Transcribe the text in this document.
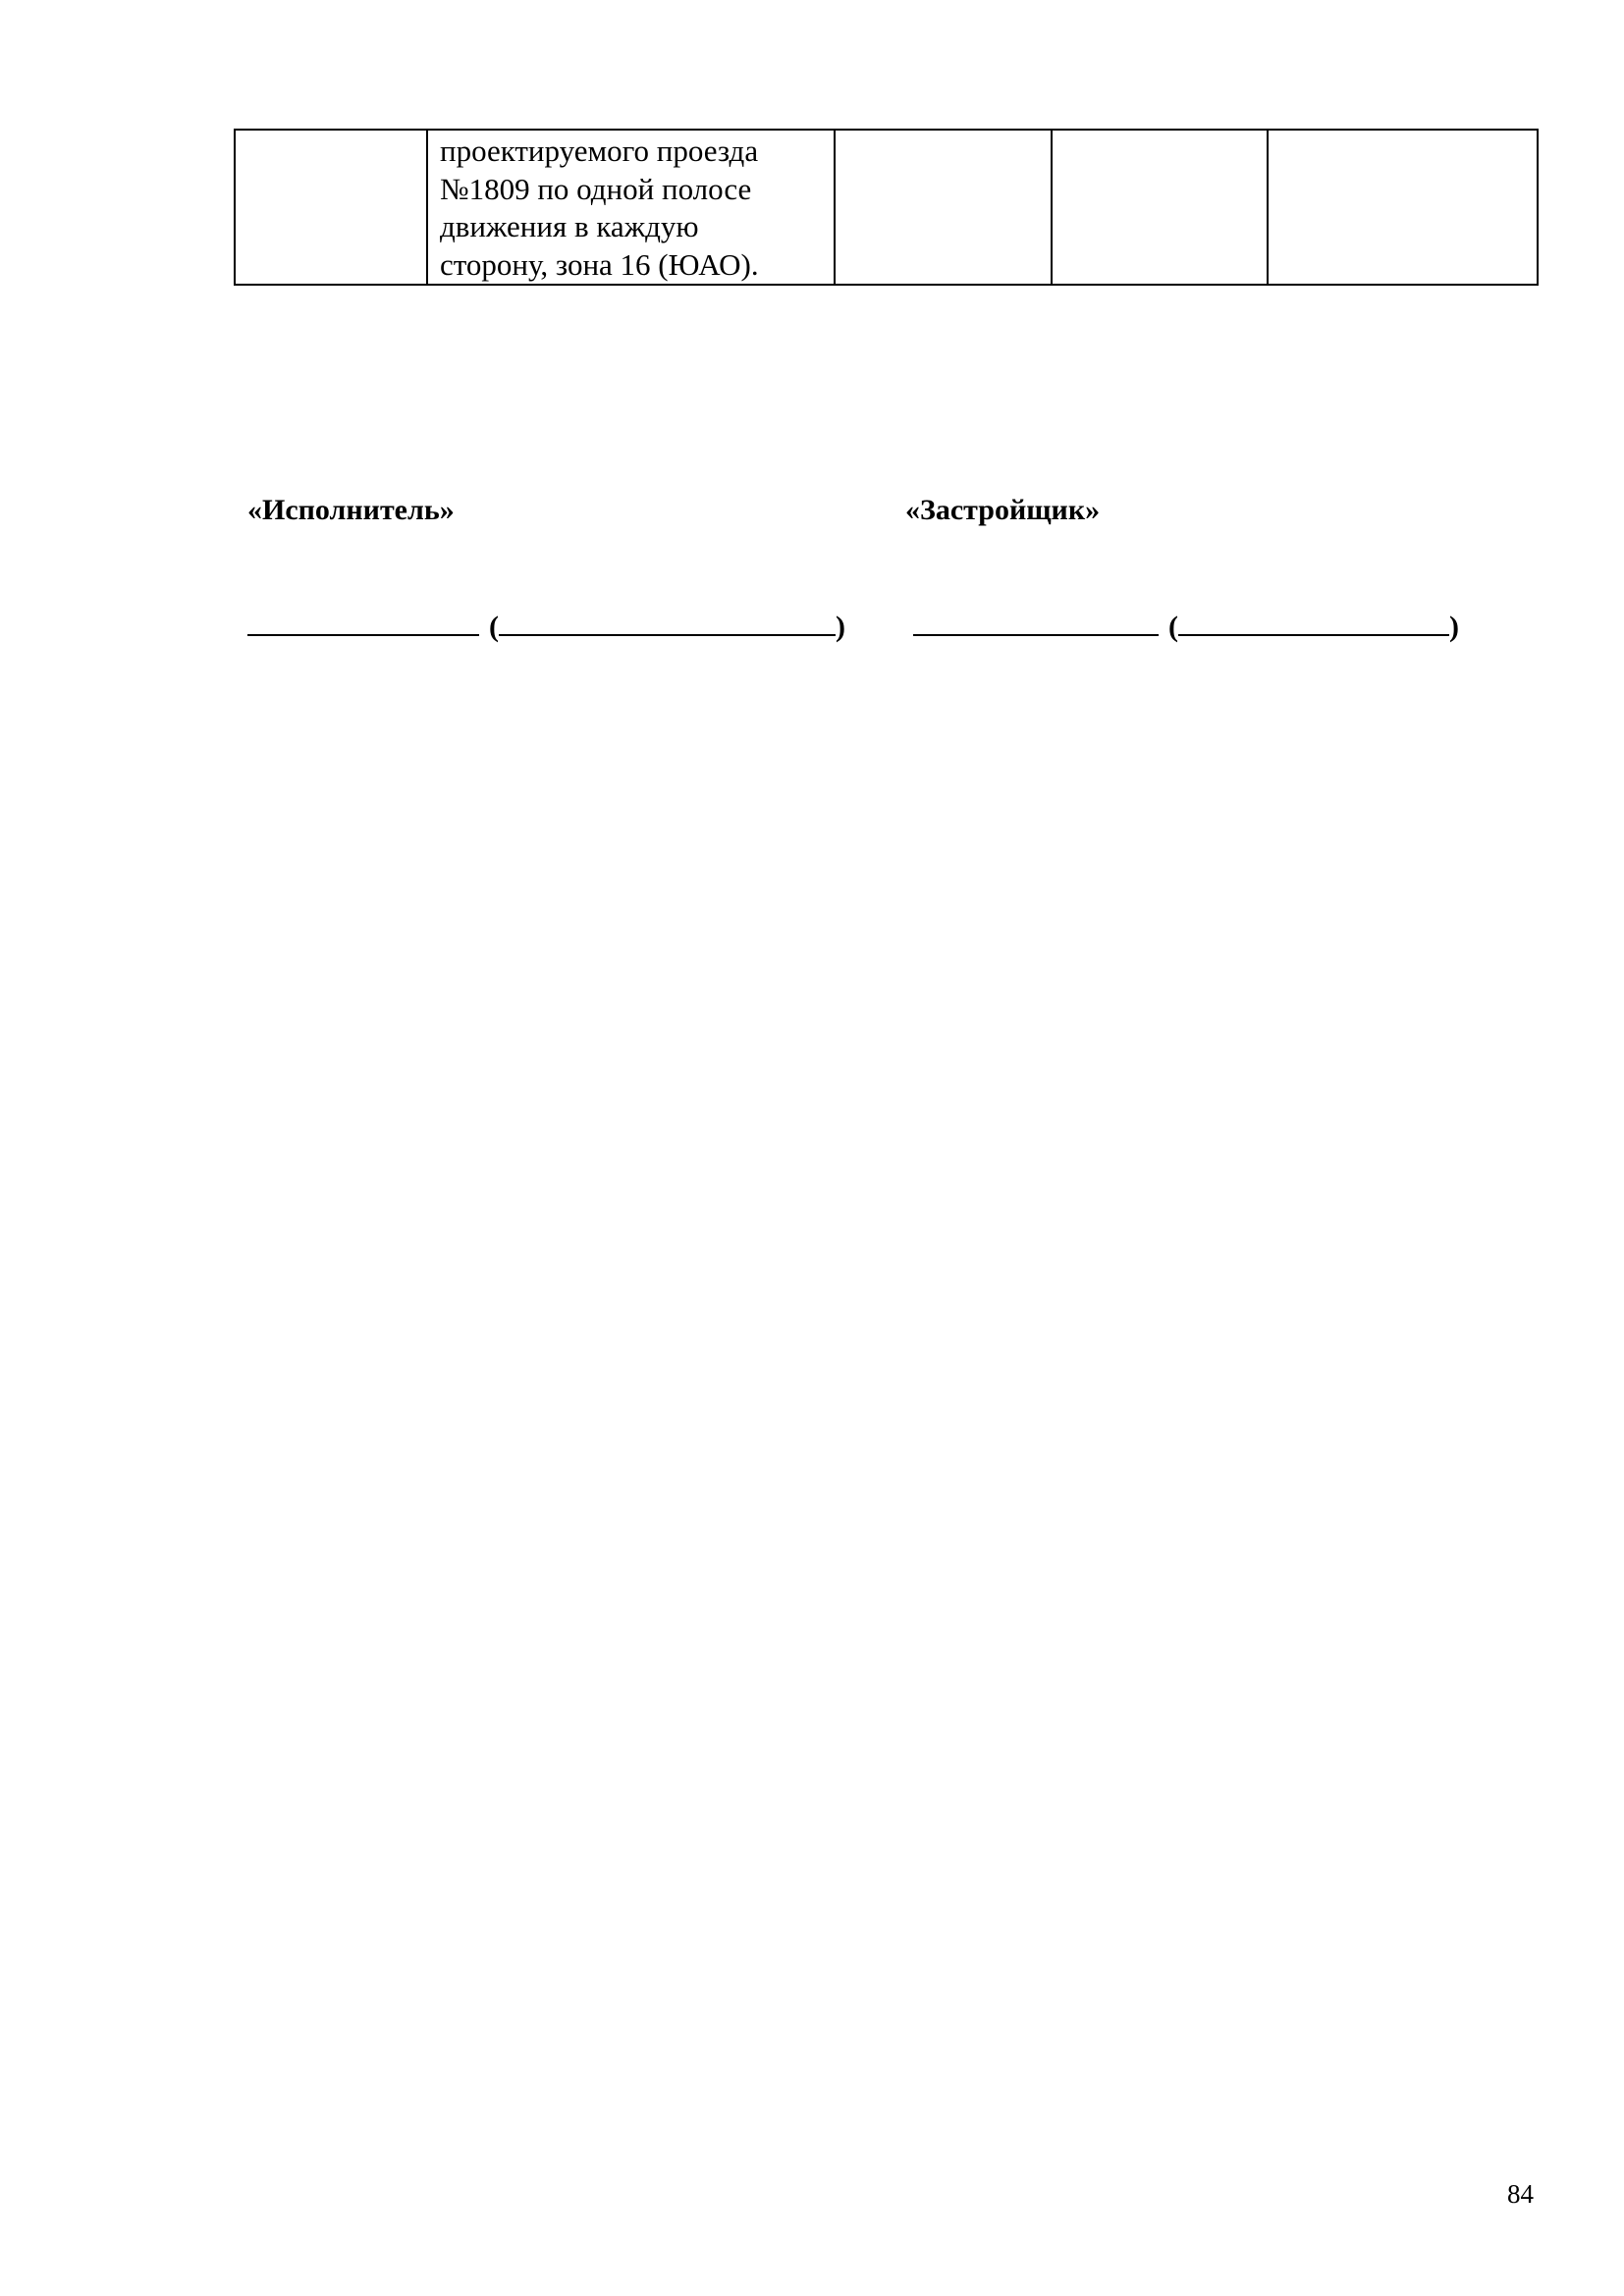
проектируемого проезда
№1809 по одной полосе
движения в каждую
сторону, зона 16 (ЮАО).

«Исполнитель»	«Застройщик»
(	)	(	)
84
